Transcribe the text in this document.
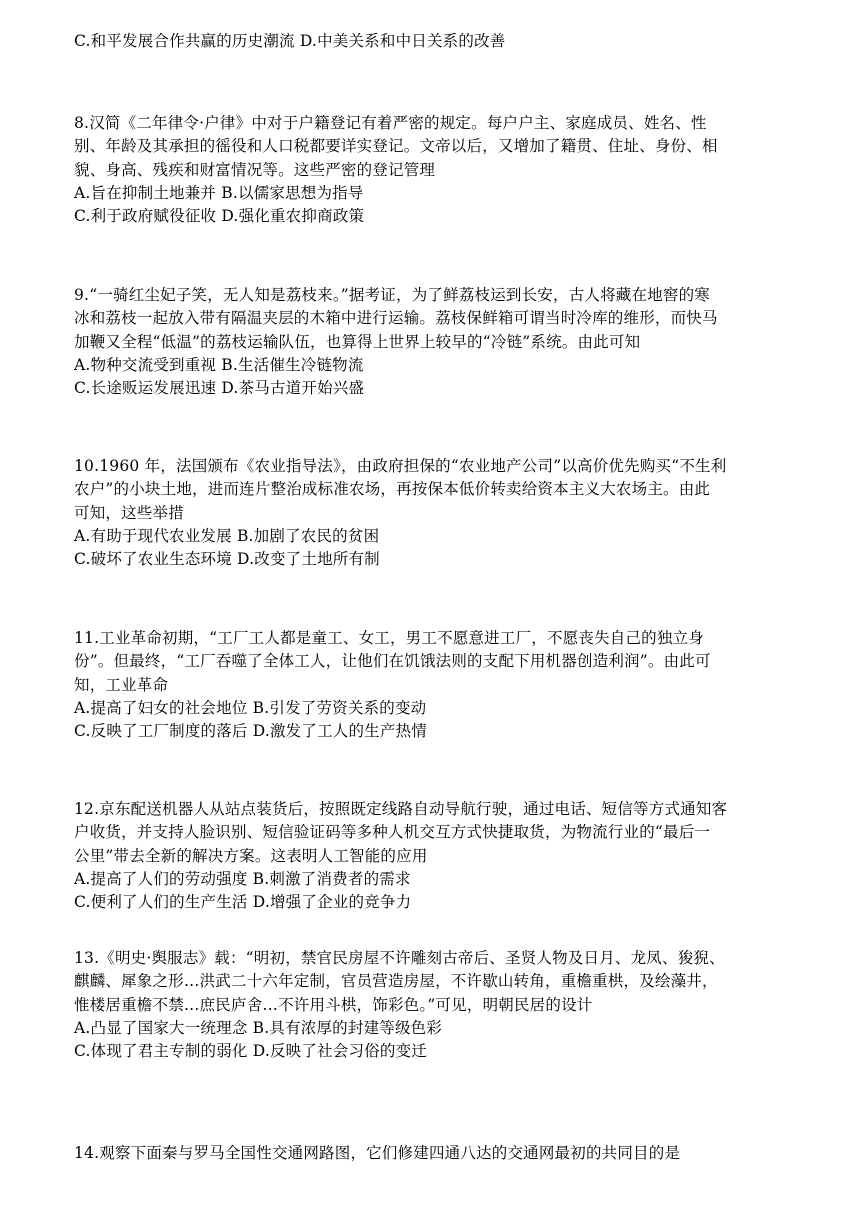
C.和平发展合作共赢的历史潮流 D.中美关系和中日关系的改善
8.汉简《二年律令·户律》中对于户籍登记有着严密的规定。每户户主、家庭成员、姓名、性
别、年龄及其承担的徭役和人口税都要详实登记。文帝以后，又增加了籍贯、住址、身份、相
貌、身高、残疾和财富情况等。这些严密的登记管理
A.旨在抑制土地兼并 B.以儒家思想为指导
C.利于政府赋役征收 D.强化重农抑商政策
9.“一骑红尘妃子笑，无人知是荔枝来。”据考证，为了鲜荔枝运到长安，古人将藏在地窖的寒
冰和荔枝一起放入带有隔温夹层的木箱中进行运输。荔枝保鲜箱可谓当时冷库的维形，而快马
加鞭又全程“低温”的荔枝运输队伍，也算得上世界上较早的“冷链”系统。由此可知
A.物种交流受到重视 B.生活催生冷链物流
C.长途贩运发展迅速 D.茶马古道开始兴盛
10.1960 年，法国颁布《农业指导法》，由政府担保的“农业地产公司”以高价优先购买“不生利
农户”的小块土地，进而连片整治成标准农场，再按保本低价转卖给资本主义大农场主。由此
可知，这些举措
A.有助于现代农业发展 B.加剧了农民的贫困
C.破坏了农业生态环境 D.改变了土地所有制
11.工业革命初期，“工厂工人都是童工、女工，男工不愿意进工厂，不愿丧失自己的独立身
份”。但最终，“工厂吞噬了全体工人，让他们在饥饿法则的支配下用机器创造利润”。由此可
知，工业革命
A.提高了妇女的社会地位 B.引发了劳资关系的变动
C.反映了工厂制度的落后 D.激发了工人的生产热情
12.京东配送机器人从站点装货后，按照既定线路自动导航行驶，通过电话、短信等方式通知客
户收货，并支持人脸识别、短信验证码等多种人机交互方式快捷取货，为物流行业的“最后一
公里”带去全新的解决方案。这表明人工智能的应用
A.提高了人们的劳动强度 B.刺激了消费者的需求
C.便利了人们的生产生活 D.增强了企业的竞争力
13.《明史·舆服志》载：“明初，禁官民房屋不许雕刻古帝后、圣贤人物及日月、龙凤、狻猊、
麒麟、犀象之形…洪武二十六年定制，官员营造房屋，不许歇山转角，重檐重栱，及绘藻井，
惟楼居重檐不禁…庶民庐舍…不许用斗栱，饰彩色。”可见，明朝民居的设计
A.凸显了国家大一统理念 B.具有浓厚的封建等级色彩
C.体现了君主专制的弱化 D.反映了社会习俗的变迁
14.观察下面秦与罗马全国性交通网路图，它们修建四通八达的交通网最初的共同目的是
